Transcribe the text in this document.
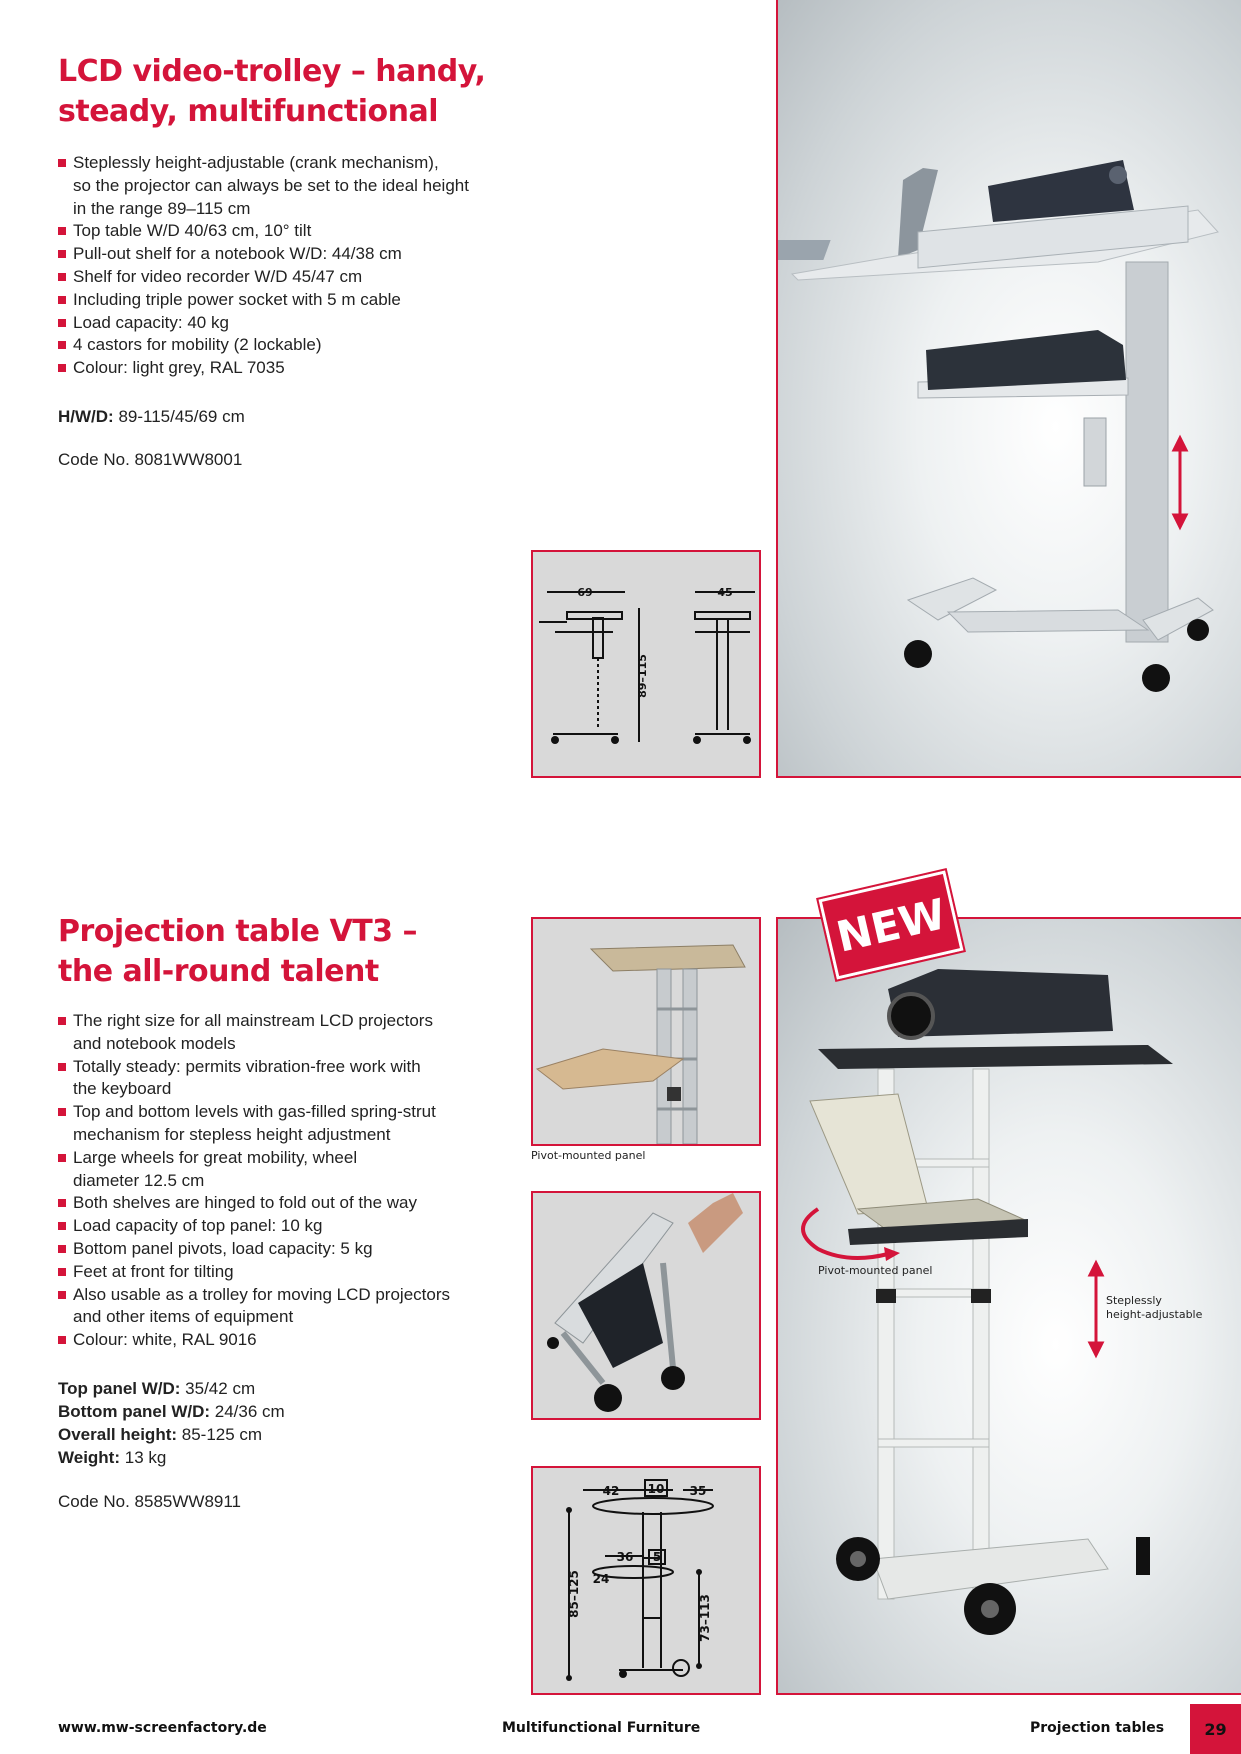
LCD video-trolley – handy,
steady, multifunctional
Steplessly height-adjustable (crank mechanism),
so the projector can always be set to the ideal height
in the range 89–115 cm
Top table W/D 40/63 cm, 10° tilt
Pull-out shelf for a notebook W/D: 44/38 cm
Shelf for video recorder W/D 45/47 cm
Including triple power socket with 5 m cable
Load capacity: 40 kg
4 castors for mobility (2 lockable)
Colour: light grey, RAL 7035
H/W/D: 89-115/45/69 cm
Code No. 8081WW8001
69	45
89–115
Projection table VT3 –
the all-round talent
The right size for all mainstream LCD projectors
and notebook models
Totally steady: permits vibration-free work with
the keyboard
Top and bottom levels with gas-filled spring-strut
mechanism for stepless height adjustment
Large wheels for great mobility, wheel
diameter 12.5 cm
Both shelves are hinged to fold out of the way
Load capacity of top panel: 10 kg
Bottom panel pivots, load capacity: 5 kg
Feet at front for tilting
Also usable as a trolley for moving LCD projectors
and other items of equipment
Colour: white, RAL 9016
Top panel W/D: 35/42 cm
Bottom panel W/D: 24/36 cm
Overall height: 85-125 cm
Weight: 13 kg
Code No. 8585WW8911
Pivot-mounted panel
42 10 35
36 5
24
85–125
73–113
Pivot-mounted panel
Steplessly
height-adjustable
NEW
www.mw-screenfactory.de	Multifunctional Furniture	Projection tables	29
